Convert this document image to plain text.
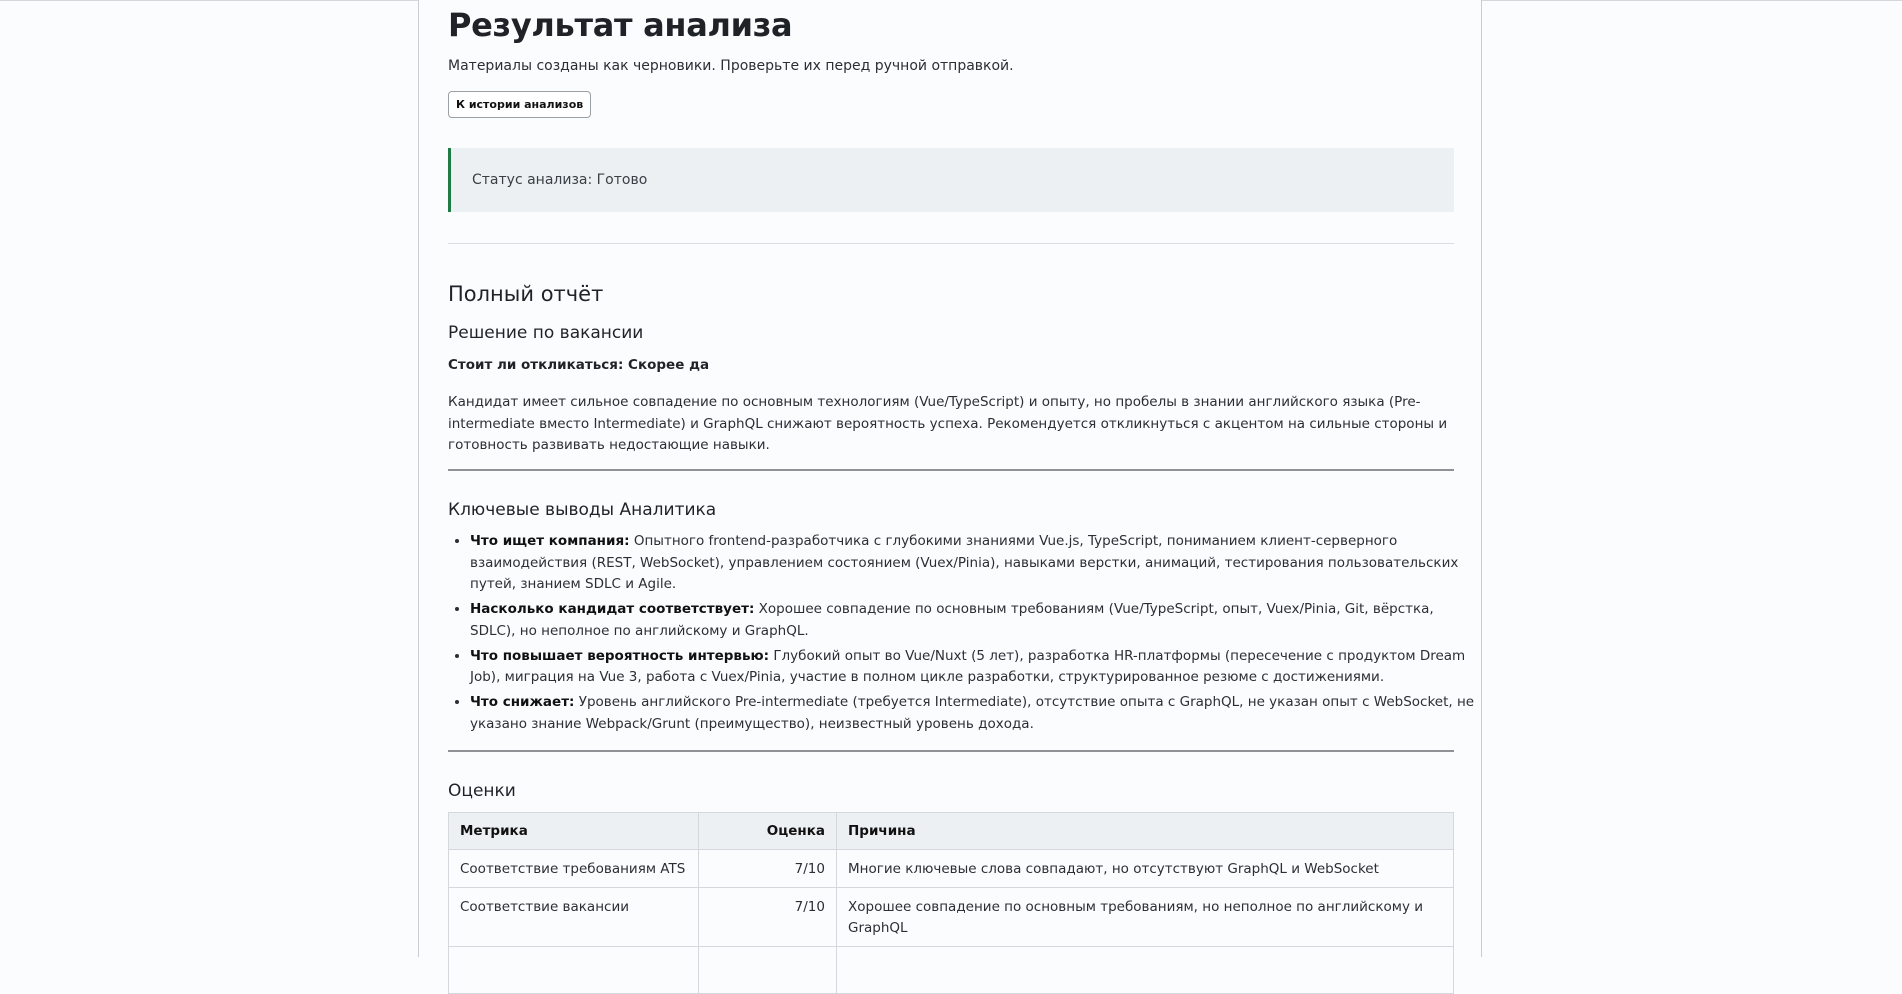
Результат анализа
Материалы созданы как черновики. Проверьте их перед ручной отправкой.
К истории анализов
Статус анализа: Готово
Полный отчёт
Решение по вакансии
Стоит ли откликаться: Скорее да
Кандидат имеет сильное совпадение по основным технологиям (Vue/TypeScript) и опыту, но пробелы в знании английского языка (Pre-intermediate вместо Intermediate) и GraphQL снижают вероятность успеха. Рекомендуется откликнуться с акцентом на сильные стороны и готовность развивать недостающие навыки.
Ключевые выводы Аналитика
• Что ищет компания: Опытного frontend-разработчика с глубокими знаниями Vue.js, TypeScript, пониманием клиент-серверного взаимодействия (REST, WebSocket), управлением состоянием (Vuex/Pinia), навыками верстки, анимаций, тестирования пользовательских путей, знанием SDLC и Agile.
• Насколько кандидат соответствует: Хорошее совпадение по основным требованиям (Vue/TypeScript, опыт, Vuex/Pinia, Git, вёрстка, SDLC), но неполное по английскому и GraphQL.
• Что повышает вероятность интервью: Глубокий опыт во Vue/Nuxt (5 лет), разработка HR-платформы (пересечение с продуктом Dream Job), миграция на Vue 3, работа с Vuex/Pinia, участие в полном цикле разработки, структурированное резюме с достижениями.
• Что снижает: Уровень английского Pre-intermediate (требуется Intermediate), отсутствие опыта с GraphQL, не указан опыт с WebSocket, не указано знание Webpack/Grunt (преимущество), неизвестный уровень дохода.
Оценки
Метрика	Оценка	Причина
Соответствие требованиям ATS	7/10	Многие ключевые слова совпадают, но отсутствуют GraphQL и WebSocket
Соответствие вакансии	7/10	Хорошее совпадение по основным требованиям, но неполное по английскому и GraphQL
